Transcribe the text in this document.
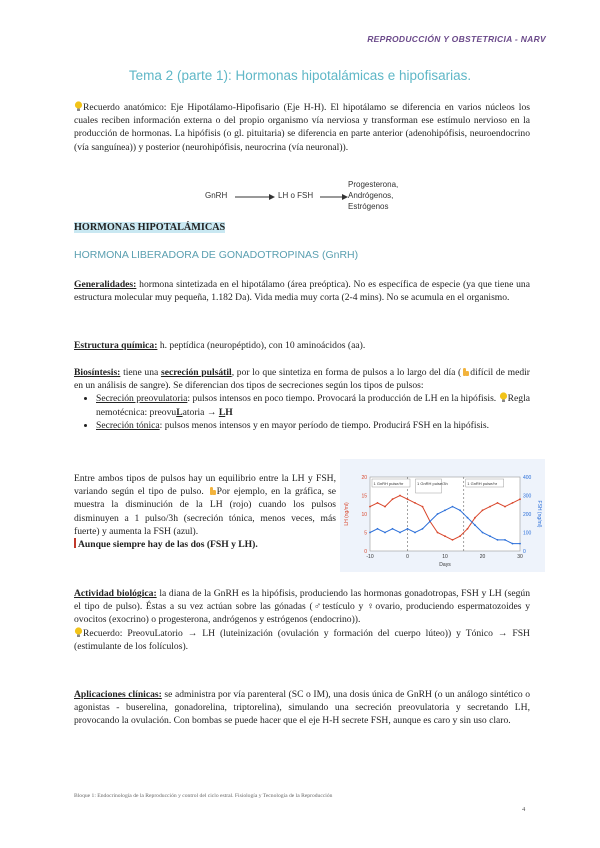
REPRODUCCIÓN Y OBSTETRICIA - NARV
Tema 2 (parte 1): Hormonas hipotalámicas e hipofisarias.
Recuerdo anatómico: Eje Hipotálamo-Hipofisario (Eje H-H). El hipotálamo se diferencia en varios núcleos los cuales reciben información externa o del propio organismo vía nerviosa y transforman ese estímulo nervioso en la producción de hormonas. La hipófisis (o gl. pituitaria) se diferencia en parte anterior (adenohipófisis, neuroendocrino (vía sanguínea)) y posterior (neurohipófisis, neurocrina (vía neuronal)).
GnRH	LH o FSH
Progesterona,
Andrógenos,
Estrógenos
HORMONAS HIPOTALÁMICAS
HORMONA LIBERADORA DE GONADOTROPINAS (GnRH)
Generalidades: hormona sintetizada en el hipotálamo (área preóptica). No es específica de especie (ya que tiene una estructura molecular muy pequeña, 1.182 Da). Vida media muy corta (2-4 mins). No se acumula en el organismo.
Estructura química: h. peptídica (neuropéptido), con 10 aminoácidos (aa).
Biosíntesis: tiene una secreción pulsátil, por lo que sintetiza en forma de pulsos a lo largo del día ( difícil de medir en un análisis de sangre). Se diferencian dos tipos de secreciones según los tipos de pulsos:
• Secreción preovulatoria: pulsos intensos en poco tiempo. Provocará la producción de LH en la hipófisis. Regla nemotécnica: preovuLatoria → LH
• Secreción tónica: pulsos menos intensos y en mayor período de tiempo. Producirá FSH en la hipófisis.
Entre ambos tipos de pulsos hay un equilibrio entre la LH y FSH, variando según el tipo de pulso. Por ejemplo, en la gráfica, se muestra la disminución de la LH (rojo) cuando los pulsos disminuyen a 1 pulso/3h (secreción tónica, menos veces, más fuerte) y aumenta la FSH (azul).
Aunque siempre hay de las dos (FSH y LH).
1 GnRH pulse/hr	1 GnRH pulse/3h	1 GnRH pulse/hr
0
5
10
15
20
0
100
200
300
400
-10	0	10	20	30
Days
LH (ng/ml)	FSH (ng/ml)
Actividad biológica: la diana de la GnRH es la hipófisis, produciendo las hormonas gonadotropas, FSH y LH (según el tipo de pulso). Éstas a su vez actúan sobre las gónadas (♂testículo y ♀ovario, produciendo espermatozoides y ovocitos (exocrino) o progesterona, andrógenos y estrógenos (endocrino)).
Recuerdo: PreovuLatorio → LH (luteinización (ovulación y formación del cuerpo lúteo)) y Tónico → FSH (estimulante de los folículos).
Aplicaciones clínicas: se administra por vía parenteral (SC o IM), una dosis única de GnRH (o un análogo sintético o agonistas - buserelina, gonadorelina, triptorelina), simulando una secreción preovulatoria y secretando LH, provocando la ovulación. Con bombas se puede hacer que el eje H-H secrete FSH, aunque es caro y sin uso claro.
Bloque 1: Endocrinología de la Reproducción y control del ciclo estral. Fisiología y Tecnología de la Reproducción
4
